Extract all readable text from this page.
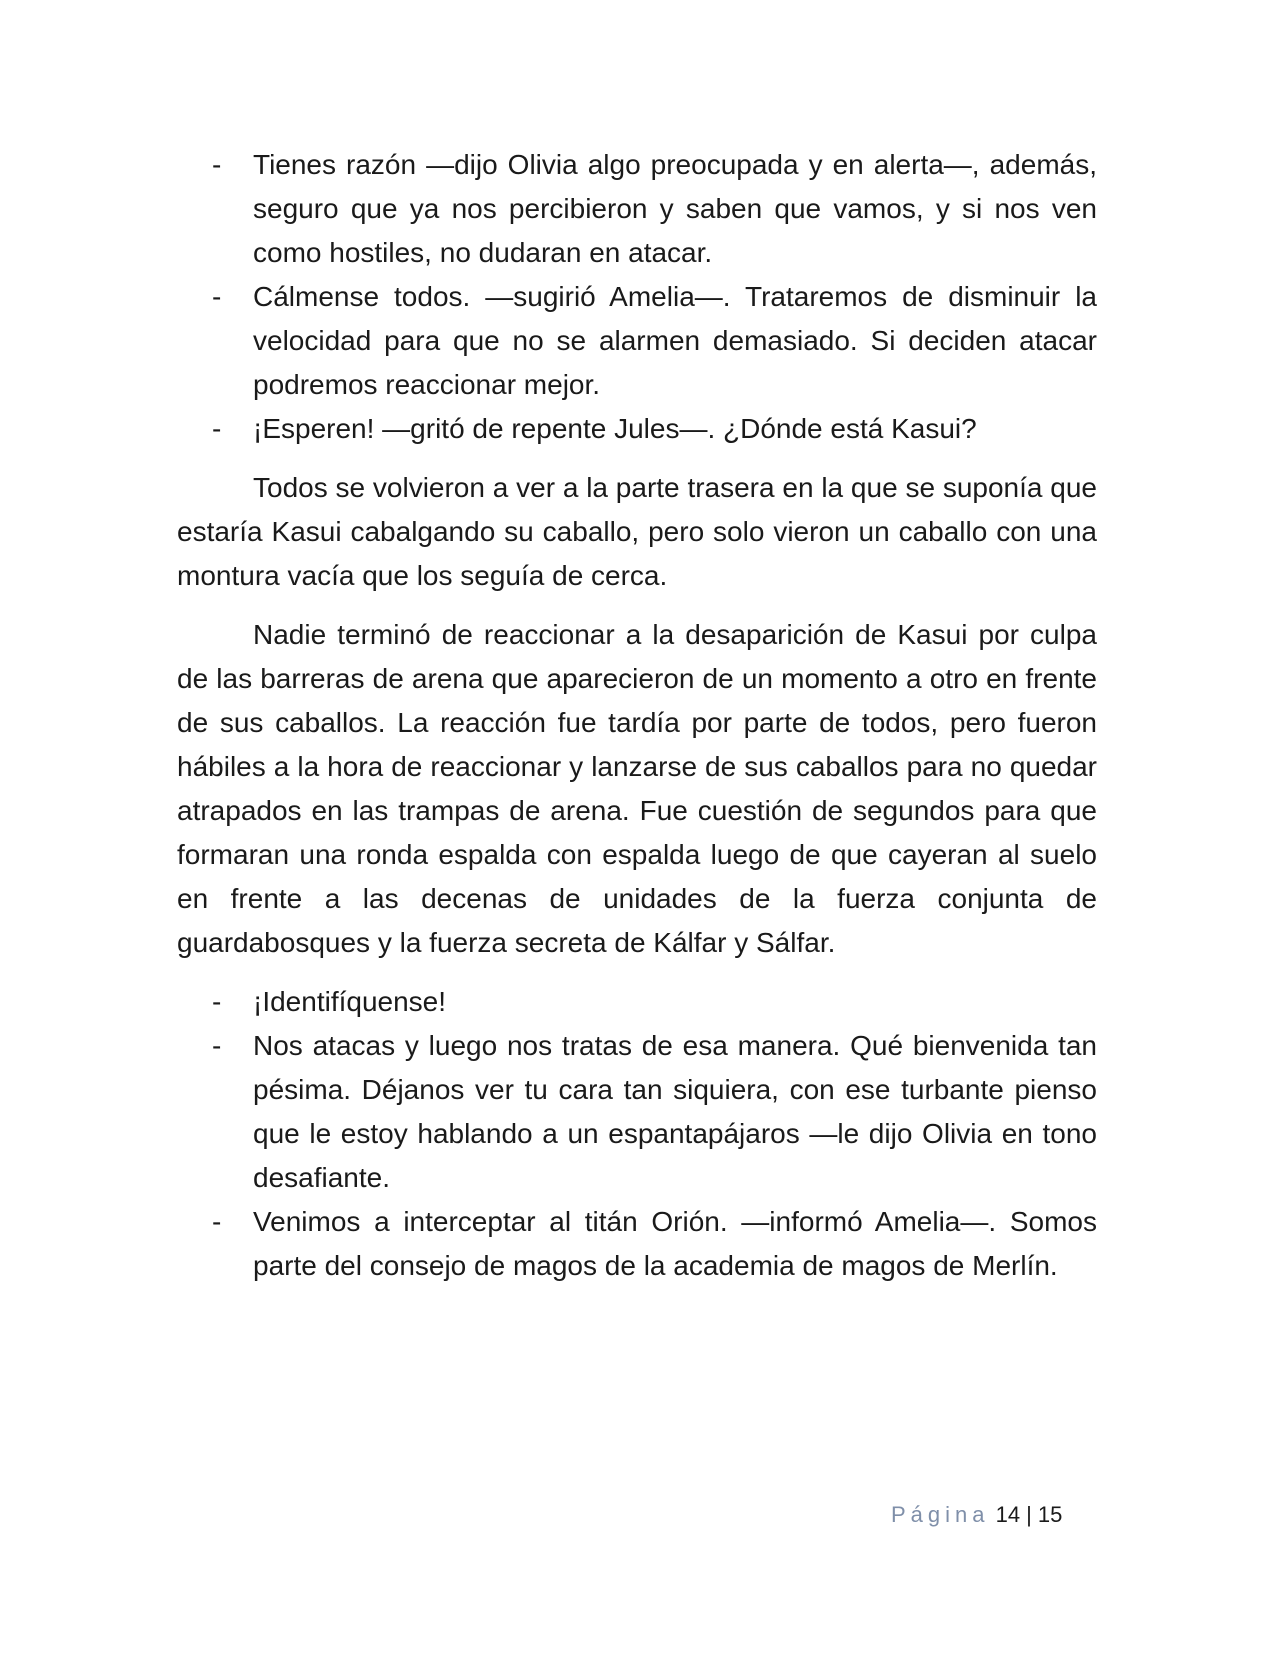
- Tienes razón —dijo Olivia algo preocupada y en alerta—, además, seguro que ya nos percibieron y saben que vamos, y si nos ven como hostiles, no dudaran en atacar.
- Cálmense todos. —sugirió Amelia—. Trataremos de disminuir la velocidad para que no se alarmen demasiado. Si deciden atacar podremos reaccionar mejor.
- ¡Esperen! —gritó de repente Jules—. ¿Dónde está Kasui?

Todos se volvieron a ver a la parte trasera en la que se suponía que estaría Kasui cabalgando su caballo, pero solo vieron un caballo con una montura vacía que los seguía de cerca.

Nadie terminó de reaccionar a la desaparición de Kasui por culpa de las barreras de arena que aparecieron de un momento a otro en frente de sus caballos. La reacción fue tardía por parte de todos, pero fueron hábiles a la hora de reaccionar y lanzarse de sus caballos para no quedar atrapados en las trampas de arena. Fue cuestión de segundos para que formaran una ronda espalda con espalda luego de que cayeran al suelo en frente a las decenas de unidades de la fuerza conjunta de guardabosques y la fuerza secreta de Kálfar y Sálfar.

- ¡Identifíquense!
- Nos atacas y luego nos tratas de esa manera. Qué bienvenida tan pésima. Déjanos ver tu cara tan siquiera, con ese turbante pienso que le estoy hablando a un espantapájaros —le dijo Olivia en tono desafiante.
- Venimos a interceptar al titán Orión. —informó Amelia—. Somos parte del consejo de magos de la academia de magos de Merlín.
Página 14 | 15
